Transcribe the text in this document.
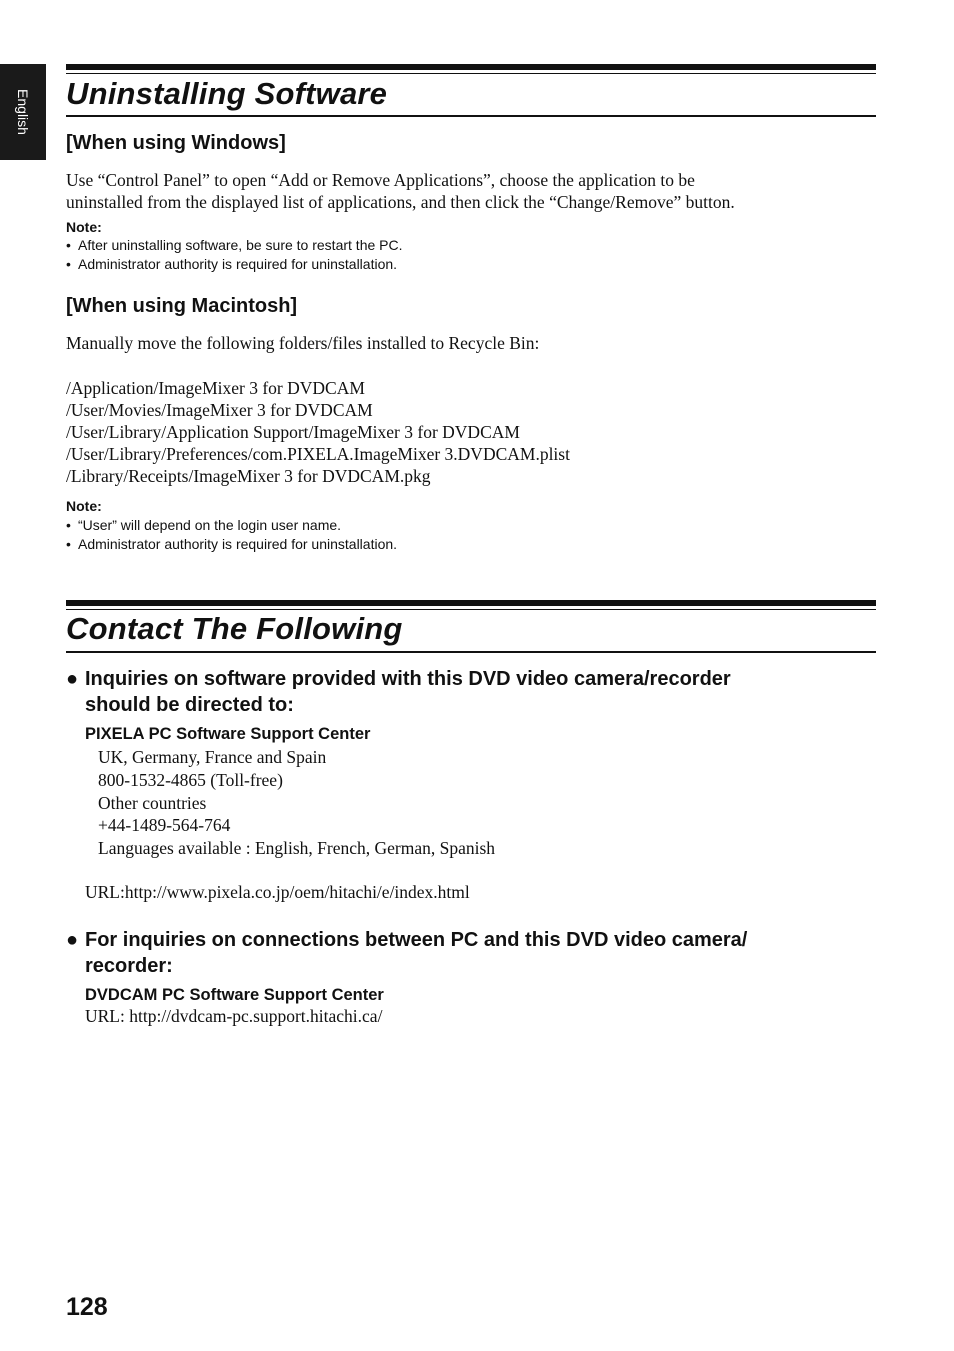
English Uninstalling Software
[When using Windows]

Use “Control Panel” to open “Add or Remove Applications”, choose the application to be
uninstalled from the displayed list of applications, and then click the “Change/Remove” button.

Note:
• After uninstalling software, be sure to restart the PC.
• Administrator authority is required for uninstallation.
[When using Macintosh]

Manually move the following folders/files installed to Recycle Bin:

/Application/ImageMixer 3 for DVDCAM
/User/Movies/ImageMixer 3 for DVDCAM
/User/Library/Application Support/ImageMixer 3 for DVDCAM
/User/Library/Preferences/com.PIXELA.ImageMixer 3.DVDCAM.plist
/Library/Receipts/ImageMixer 3 for DVDCAM.pkg
Note:
• “User” will depend on the login user name.
• Administrator authority is required for uninstallation.
Contact The Following
● Inquiries on software provided with this DVD video camera/recorder
should be directed to:
PIXELA PC Software Support Center
UK, Germany, France and Spain
800-1532-4865 (Toll-free)
Other countries
+44-1489-564-764
Languages available : English, French, German, Spanish
URL:http://www.pixela.co.jp/oem/hitachi/e/index.html
● For inquiries on connections between PC and this DVD video camera/
recorder:
DVDCAM PC Software Support Center
URL: http://dvdcam-pc.support.hitachi.ca/
128
